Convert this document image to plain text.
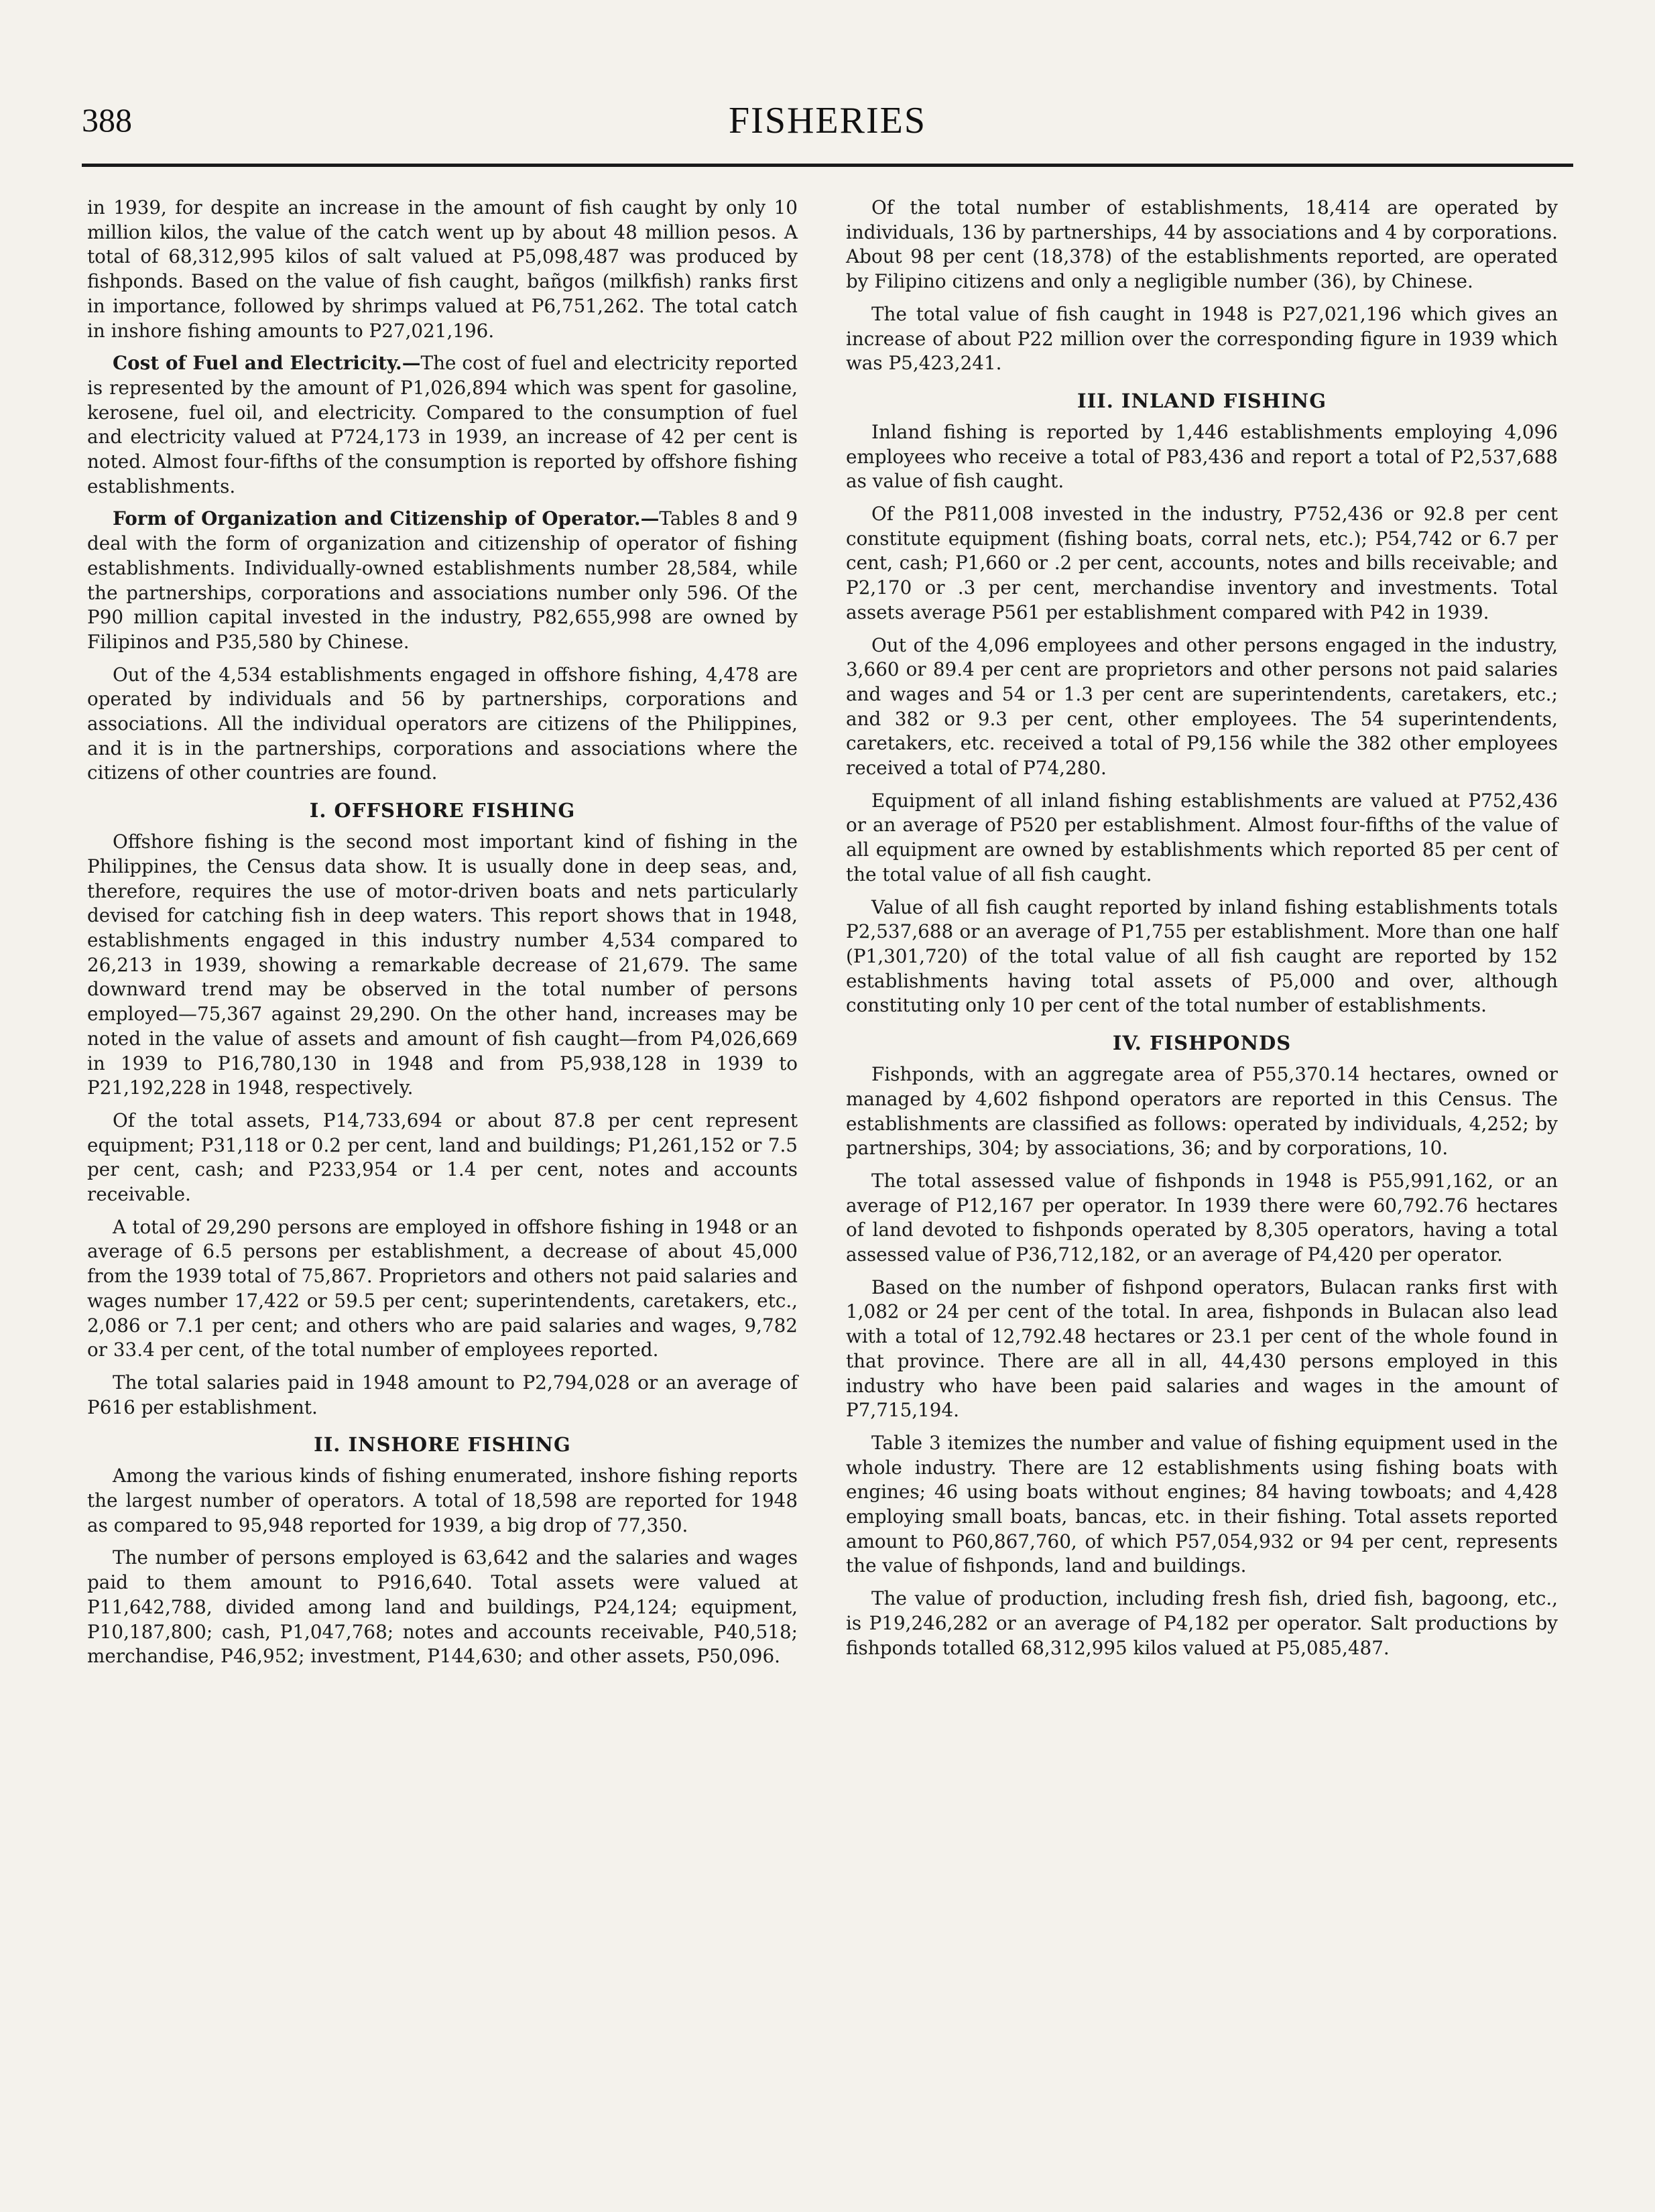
388	FISHERIES

in 1939, for despite an increase in the amount of fish caught by only 10 million kilos, the value of the catch went up by about 48 million pesos. A total of 68,312,995 kilos of salt valued at P5,098,487 was produced by fishponds. Based on the value of fish caught, bañgos (milkfish) ranks first in importance, followed by shrimps valued at P6,751,262. The total catch in inshore fishing amounts to P27,021,196.

Cost of Fuel and Electricity.—The cost of fuel and electricity reported is represented by the amount of P1,026,894 which was spent for gasoline, kerosene, fuel oil, and electricity. Compared to the consumption of fuel and electricity valued at P724,173 in 1939, an increase of 42 per cent is noted. Almost four-fifths of the consumption is reported by offshore fishing establishments.

Form of Organization and Citizenship of Operator.—Tables 8 and 9 deal with the form of organization and citizenship of operator of fishing establishments. Individually-owned establishments number 28,584, while the partnerships, corporations and associations number only 596. Of the P90 million capital invested in the industry, P82,655,998 are owned by Filipinos and P35,580 by Chinese.

Out of the 4,534 establishments engaged in offshore fishing, 4,478 are operated by individuals and 56 by partnerships, corporations and associations. All the individual operators are citizens of the Philippines, and it is in the partnerships, corporations and associations where the citizens of other countries are found.

I. OFFSHORE FISHING

Offshore fishing is the second most important kind of fishing in the Philippines, the Census data show. It is usually done in deep seas, and, therefore, requires the use of motor-driven boats and nets particularly devised for catching fish in deep waters. This report shows that in 1948, establishments engaged in this industry number 4,534 compared to 26,213 in 1939, showing a remarkable decrease of 21,679. The same downward trend may be observed in the total number of persons employed—75,367 against 29,290. On the other hand, increases may be noted in the value of assets and amount of fish caught—from P4,026,669 in 1939 to P16,780,130 in 1948 and from P5,938,128 in 1939 to P21,192,228 in 1948, respectively.

Of the total assets, P14,733,694 or about 87.8 per cent represent equipment; P31,118 or 0.2 per cent, land and buildings; P1,261,152 or 7.5 per cent, cash; and P233,954 or 1.4 per cent, notes and accounts receivable.

A total of 29,290 persons are employed in offshore fishing in 1948 or an average of 6.5 persons per establishment, a decrease of about 45,000 from the 1939 total of 75,867. Proprietors and others not paid salaries and wages number 17,422 or 59.5 per cent; superintendents, caretakers, etc., 2,086 or 7.1 per cent; and others who are paid salaries and wages, 9,782 or 33.4 per cent, of the total number of employees reported.

The total salaries paid in 1948 amount to P2,794,028 or an average of P616 per establishment.

II. INSHORE FISHING

Among the various kinds of fishing enumerated, inshore fishing reports the largest number of operators. A total of 18,598 are reported for 1948 as compared to 95,948 reported for 1939, a big drop of 77,350.

The number of persons employed is 63,642 and the salaries and wages paid to them amount to P916,640. Total assets were valued at P11,642,788, divided among land and buildings, P24,124; equipment, P10,187,800; cash, P1,047,768; notes and accounts receivable, P40,518; merchandise, P46,952; investment, P144,630; and other assets, P50,096.

Of the total number of establishments, 18,414 are operated by individuals, 136 by partnerships, 44 by associations and 4 by corporations. About 98 per cent (18,378) of the establishments reported, are operated by Filipino citizens and only a negligible number (36), by Chinese.

The total value of fish caught in 1948 is P27,021,196 which gives an increase of about P22 million over the corresponding figure in 1939 which was P5,423,241.

III. INLAND FISHING

Inland fishing is reported by 1,446 establishments employing 4,096 employees who receive a total of P83,436 and report a total of P2,537,688 as value of fish caught.

Of the P811,008 invested in the industry, P752,436 or 92.8 per cent constitute equipment (fishing boats, corral nets, etc.); P54,742 or 6.7 per cent, cash; P1,660 or .2 per cent, accounts, notes and bills receivable; and P2,170 or .3 per cent, merchandise inventory and investments. Total assets average P561 per establishment compared with P42 in 1939.

Out of the 4,096 employees and other persons engaged in the industry, 3,660 or 89.4 per cent are proprietors and other persons not paid salaries and wages and 54 or 1.3 per cent are superintendents, caretakers, etc.; and 382 or 9.3 per cent, other employees. The 54 superintendents, caretakers, etc. received a total of P9,156 while the 382 other employees received a total of P74,280.

Equipment of all inland fishing establishments are valued at P752,436 or an average of P520 per establishment. Almost four-fifths of the value of all equipment are owned by establishments which reported 85 per cent of the total value of all fish caught.

Value of all fish caught reported by inland fishing establishments totals P2,537,688 or an average of P1,755 per establishment. More than one half (P1,301,720) of the total value of all fish caught are reported by 152 establishments having total assets of P5,000 and over, although constituting only 10 per cent of the total number of establishments.

IV. FISHPONDS

Fishponds, with an aggregate area of P55,370.14 hectares, owned or managed by 4,602 fishpond operators are reported in this Census. The establishments are classified as follows: operated by individuals, 4,252; by partnerships, 304; by associations, 36; and by corporations, 10.

The total assessed value of fishponds in 1948 is P55,991,162, or an average of P12,167 per operator. In 1939 there were 60,792.76 hectares of land devoted to fishponds operated by 8,305 operators, having a total assessed value of P36,712,182, or an average of P4,420 per operator.

Based on the number of fishpond operators, Bulacan ranks first with 1,082 or 24 per cent of the total. In area, fishponds in Bulacan also lead with a total of 12,792.48 hectares or 23.1 per cent of the whole found in that province. There are all in all, 44,430 persons employed in this industry who have been paid salaries and wages in the amount of P7,715,194.

Table 3 itemizes the number and value of fishing equipment used in the whole industry. There are 12 establishments using fishing boats with engines; 46 using boats without engines; 84 having towboats; and 4,428 employing small boats, bancas, etc. in their fishing. Total assets reported amount to P60,867,760, of which P57,054,932 or 94 per cent, represents the value of fishponds, land and buildings.

The value of production, including fresh fish, dried fish, bagoong, etc., is P19,246,282 or an average of P4,182 per operator. Salt productions by fishponds totalled 68,312,995 kilos valued at P5,085,487.
